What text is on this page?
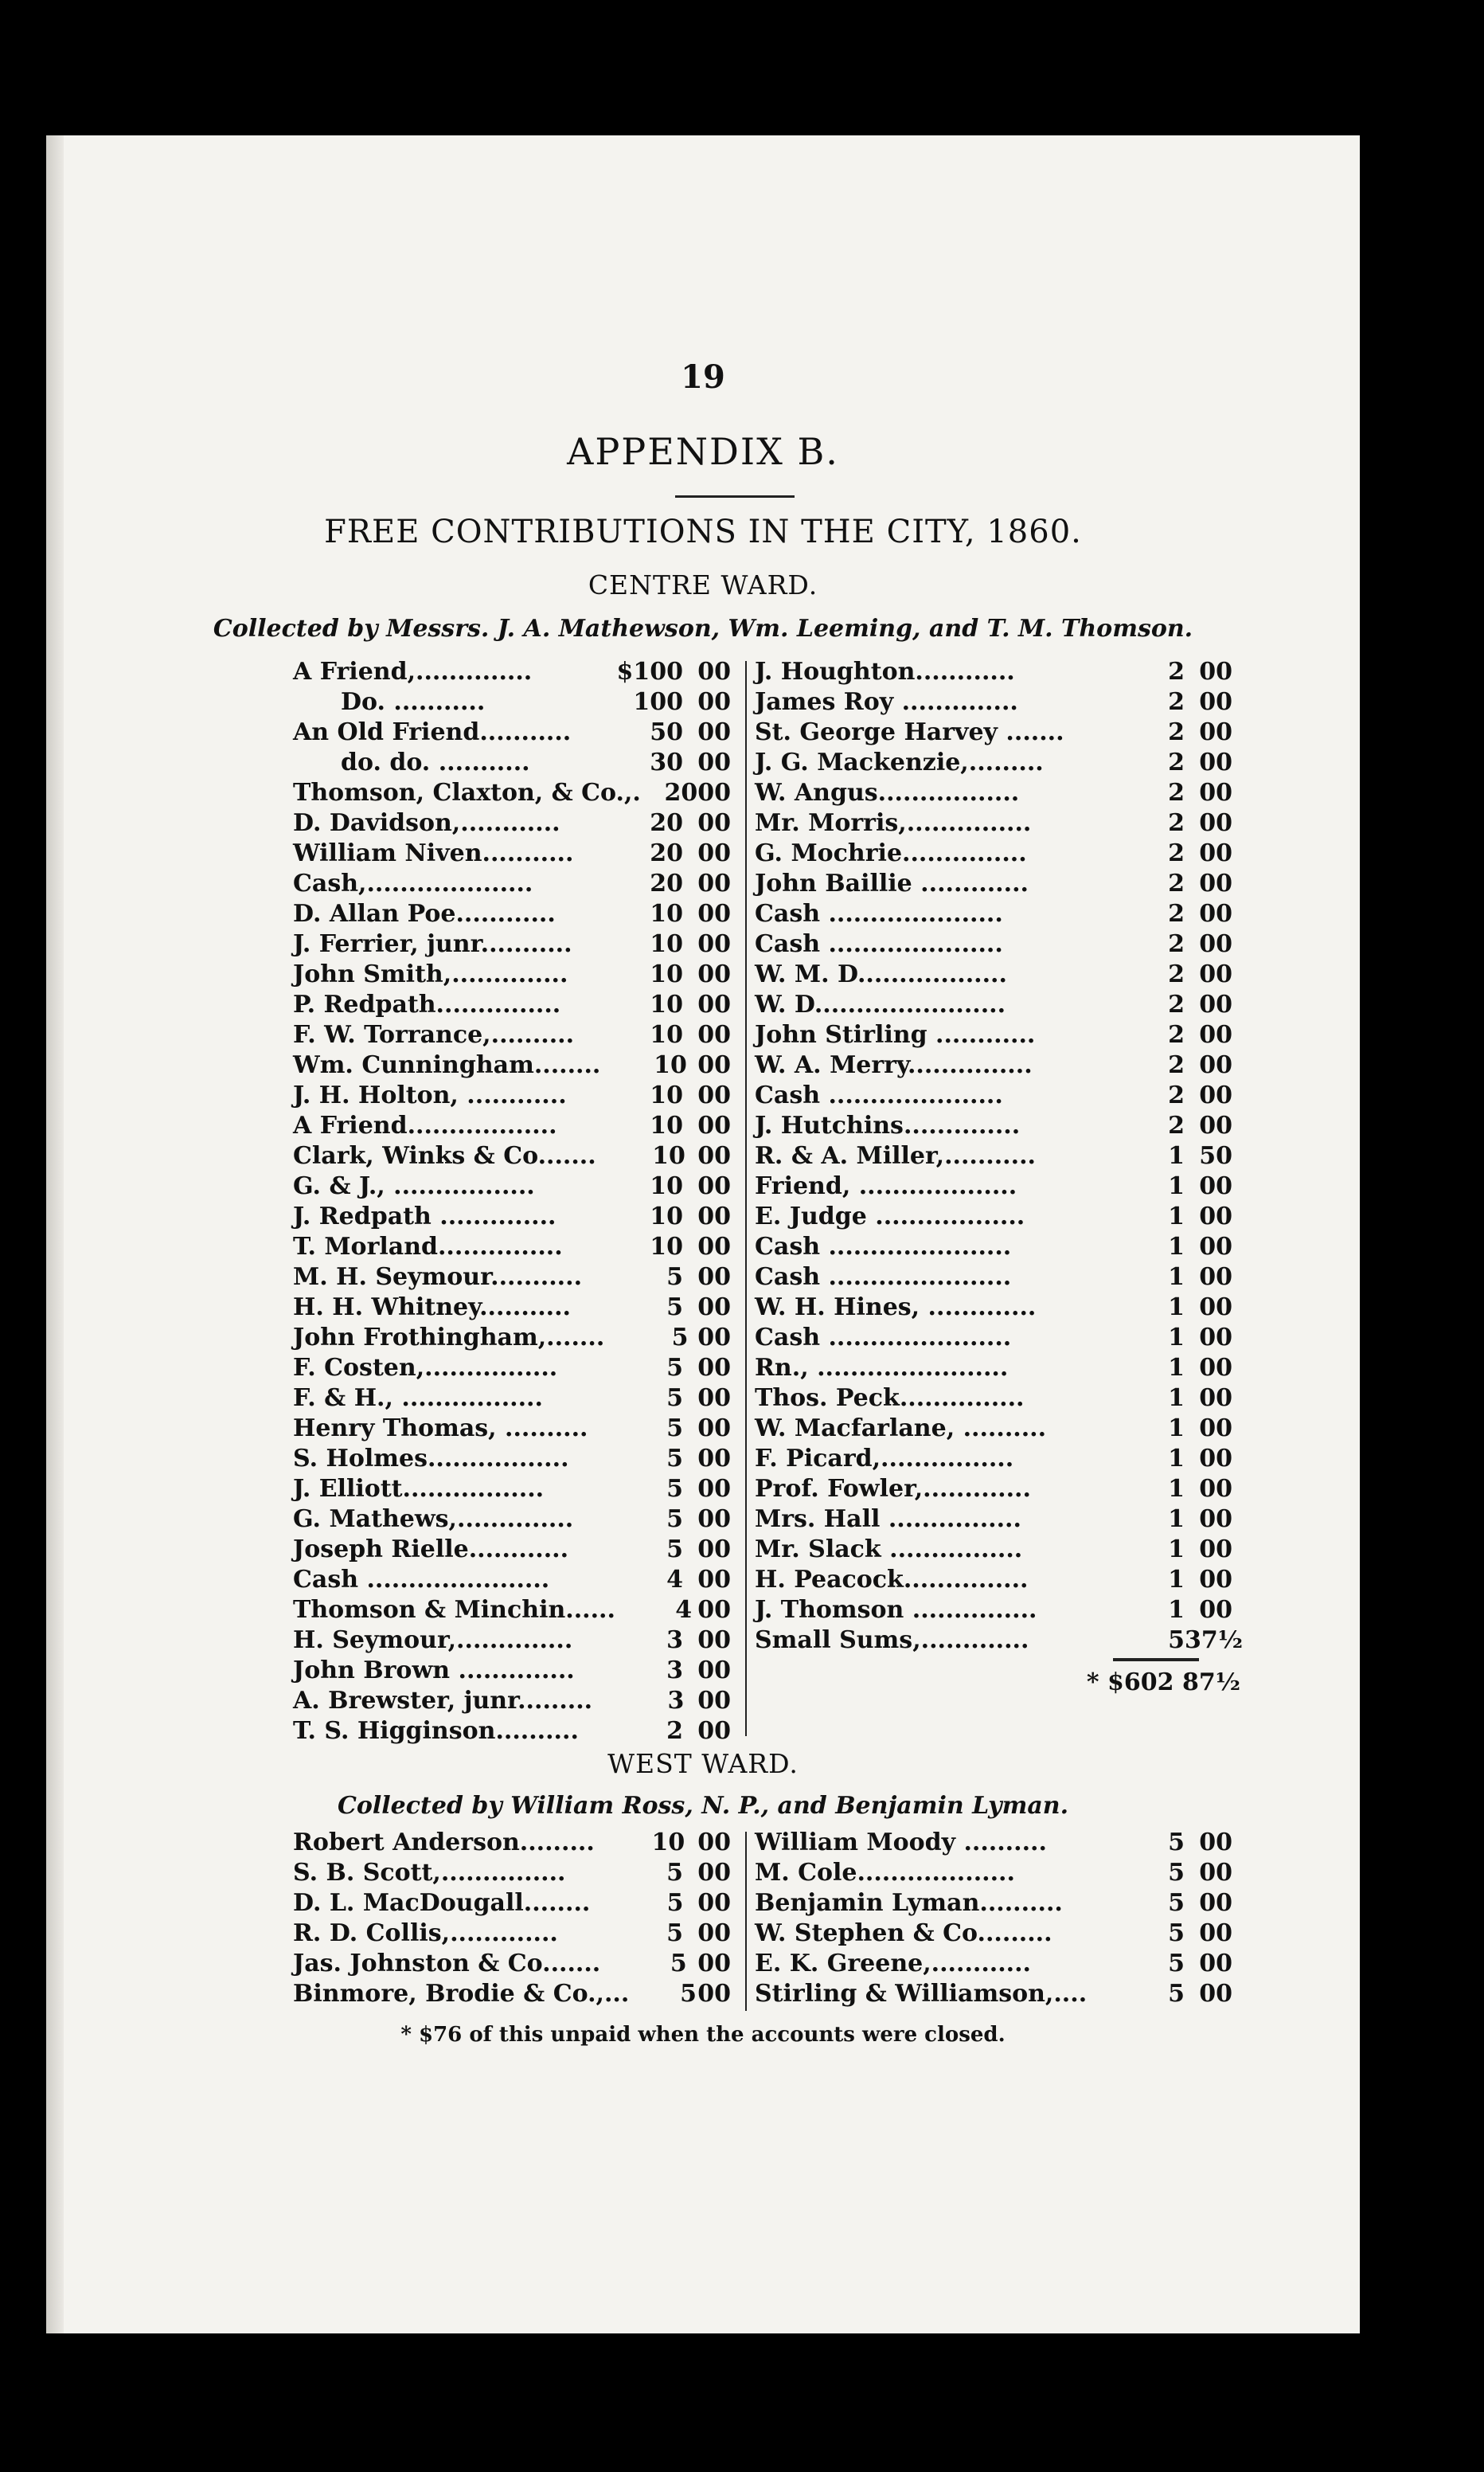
19
APPENDIX B.
FREE CONTRIBUTIONS IN THE CITY, 1860.
CENTRE WARD.
Collected by Messrs. J. A. Mathewson, Wm. Leeming, and T. M. Thomson.
A Friend,..............	$100 00
Do. ...........	100 00
An Old Friend...........	50 00
do. do. ...........	30 00
Thomson, Claxton, & Co.,. 20 00
D. Davidson,............	20 00
William Niven...........	20 00
Cash,....................	20 00
D. Allan Poe............	10 00
J. Ferrier, junr...........	10 00
John Smith,..............	10 00
P. Redpath...............	10 00
F. W. Torrance,..........	10 00
Wm. Cunningham........	10 00
J. H. Holton, ............	10 00
A Friend..................	10 00
Clark, Winks & Co.......	10 00
G. & J., .................	10 00
J. Redpath ..............	10 00
T. Morland...............	10 00
M. H. Seymour...........	5 00
H. H. Whitney...........	5 00
John Frothingham,.......	5 00
F. Costen,................	5 00
F. & H., .................	5 00
Henry Thomas, ..........	5 00
S. Holmes.................	5 00
J. Elliott.................	5 00
G. Mathews,..............	5 00
Joseph Rielle............	5 00
Cash ......................	4 00
Thomson & Minchin......	4 00
H. Seymour,..............	3 00
John Brown ..............	3 00
A. Brewster, junr.........	3 00
T. S. Higginson..........	2 00
J. Houghton............	2 00
James Roy ..............	2 00
St. George Harvey .......	2 00
J. G. Mackenzie,.........	2 00
W. Angus.................	2 00
Mr. Morris,...............	2 00
G. Mochrie...............	2 00
John Baillie .............	2 00
Cash .....................	2 00
Cash .....................	2 00
W. M. D..................	2 00
W. D.......................	2 00
John Stirling ............	2 00
W. A. Merry...............	2 00
Cash .....................	2 00
J. Hutchins..............	2 00
R. & A. Miller,...........	1 50
Friend, ...................	1 00
E. Judge ..................	1 00
Cash ......................	1 00
Cash ......................	1 00
W. H. Hines, .............	1 00
Cash ......................	1 00
Rn., .......................	1 00
Thos. Peck...............	1 00
W. Macfarlane, ..........	1 00
F. Picard,................	1 00
Prof. Fowler,.............	1 00
Mrs. Hall ................	1 00
Mr. Slack ................	1 00
H. Peacock...............	1 00
J. Thomson ...............	1 00
Small Sums,.............	5 37½
* $602 87½
WEST WARD.
Collected by William Ross, N. P., and Benjamin Lyman.
Robert Anderson.........	10 00
S. B. Scott,...............	5 00
D. L. MacDougall........	5 00
R. D. Collis,.............	5 00
Jas. Johnston & Co.......	5 00
Binmore, Brodie & Co.,...	5 00
William Moody ..........	5 00
M. Cole...................	5 00
Benjamin Lyman..........	5 00
W. Stephen & Co.........	5 00
E. K. Greene,............	5 00
Stirling & Williamson,....	5 00
* $76 of this unpaid when the accounts were closed.
